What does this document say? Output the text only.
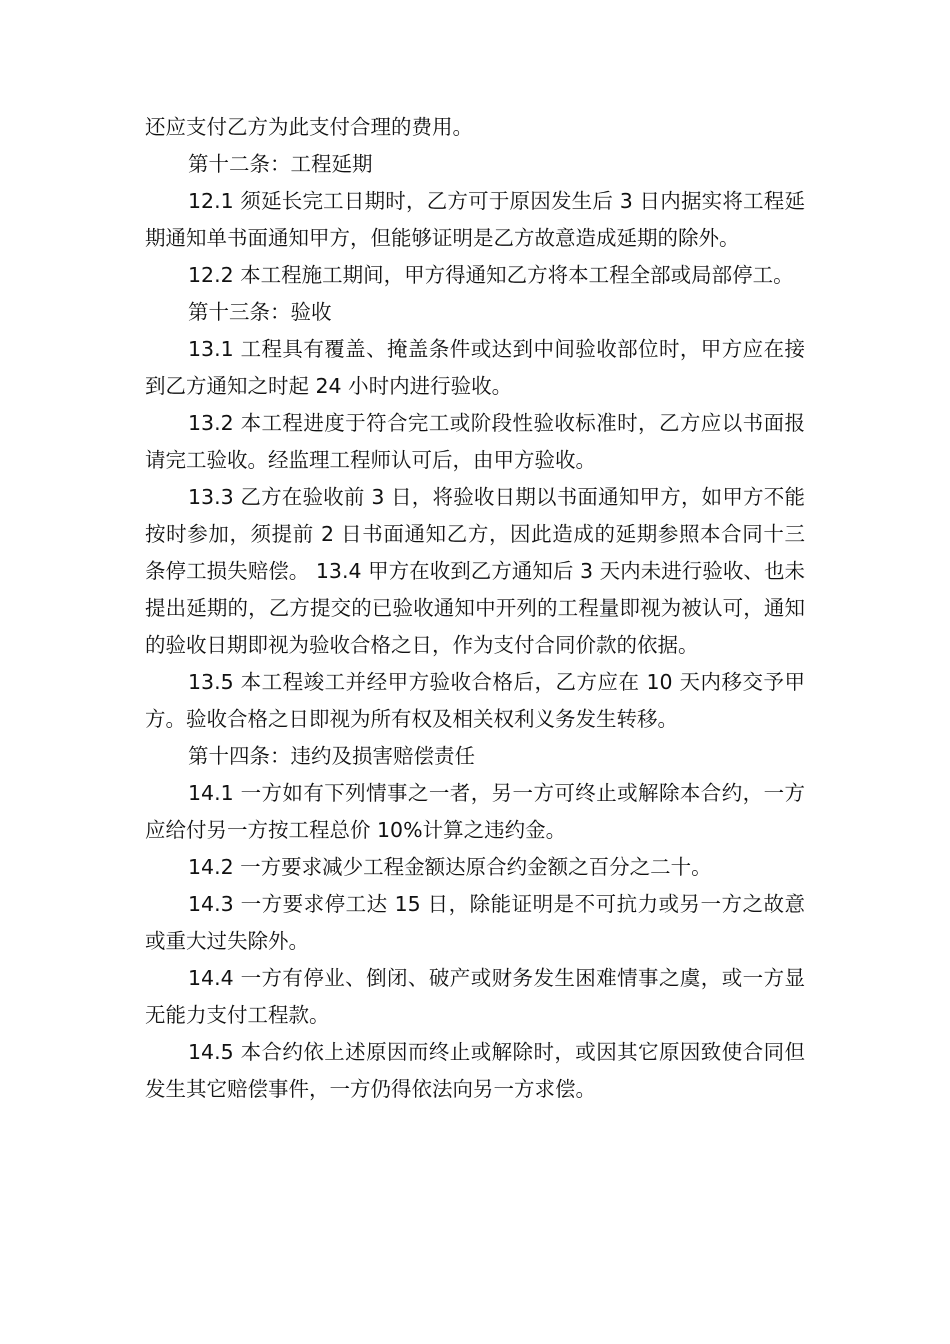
还应支付乙方为此支付合理的费用。

第十二条：工程延期

12.1 须延长完工日期时，乙方可于原因发生后 3 日内据实将工程延期通知单书面通知甲方，但能够证明是乙方故意造成延期的除外。

12.2 本工程施工期间，甲方得通知乙方将本工程全部或局部停工。

第十三条：验收

13.1 工程具有覆盖、掩盖条件或达到中间验收部位时，甲方应在接到乙方通知之时起 24 小时内进行验收。

13.2 本工程进度于符合完工或阶段性验收标准时，乙方应以书面报请完工验收。经监理工程师认可后，由甲方验收。

13.3 乙方在验收前 3 日，将验收日期以书面通知甲方，如甲方不能按时参加，须提前 2 日书面通知乙方，因此造成的延期参照本合同十三条停工损失赔偿。 13.4 甲方在收到乙方通知后 3 天内未进行验收、也未提出延期的，乙方提交的已验收通知中开列的工程量即视为被认可，通知的验收日期即视为验收合格之日，作为支付合同价款的依据。

13.5 本工程竣工并经甲方验收合格后，乙方应在 10 天内移交予甲方。验收合格之日即视为所有权及相关权利义务发生转移。

第十四条：违约及损害赔偿责任

14.1 一方如有下列情事之一者，另一方可终止或解除本合约，一方应给付另一方按工程总价 10%计算之违约金。

14.2 一方要求减少工程金额达原合约金额之百分之二十。

14.3 一方要求停工达 15 日，除能证明是不可抗力或另一方之故意或重大过失除外。

14.4 一方有停业、倒闭、破产或财务发生困难情事之虞，或一方显无能力支付工程款。

14.5 本合约依上述原因而终止或解除时，或因其它原因致使合同但发生其它赔偿事件，一方仍得依法向另一方求偿。
